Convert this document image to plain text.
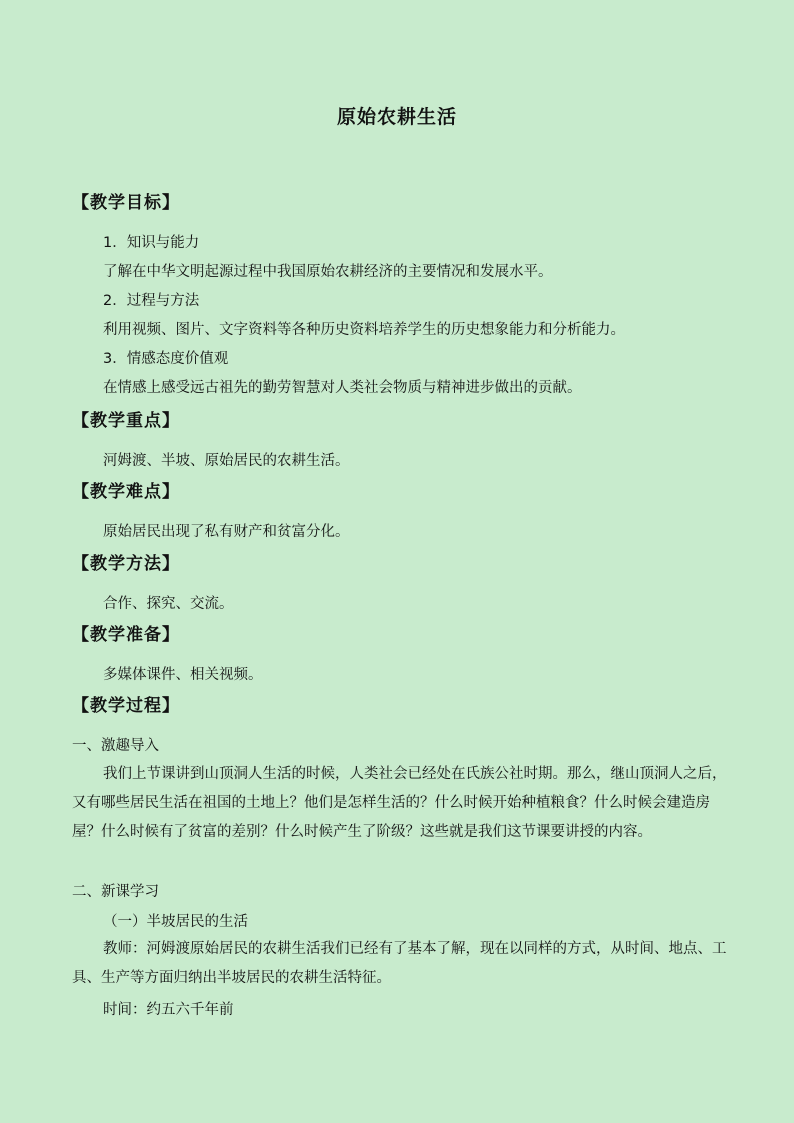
原始农耕生活
【教学目标】
1．知识与能力
了解在中华文明起源过程中我国原始农耕经济的主要情况和发展水平。
2．过程与方法
利用视频、图片、文字资料等各种历史资料培养学生的历史想象能力和分析能力。
3．情感态度价值观
在情感上感受远古祖先的勤劳智慧对人类社会物质与精神进步做出的贡献。
【教学重点】
河姆渡、半坡、原始居民的农耕生活。
【教学难点】
原始居民出现了私有财产和贫富分化。
【教学方法】
合作、探究、交流。
【教学准备】
多媒体课件、相关视频。
【教学过程】
一、激趣导入
我们上节课讲到山顶洞人生活的时候，人类社会已经处在氏族公社时期。那么，继山顶洞人之后，又有哪些居民生活在祖国的土地上？他们是怎样生活的？什么时候开始种植粮食？什么时候会建造房屋？什么时候有了贫富的差别？什么时候产生了阶级？这些就是我们这节课要讲授的内容。
二、新课学习
（一）半坡居民的生活
教师：河姆渡原始居民的农耕生活我们已经有了基本了解，现在以同样的方式，从时间、地点、工具、生产等方面归纳出半坡居民的农耕生活特征。
时间：约五六千年前
